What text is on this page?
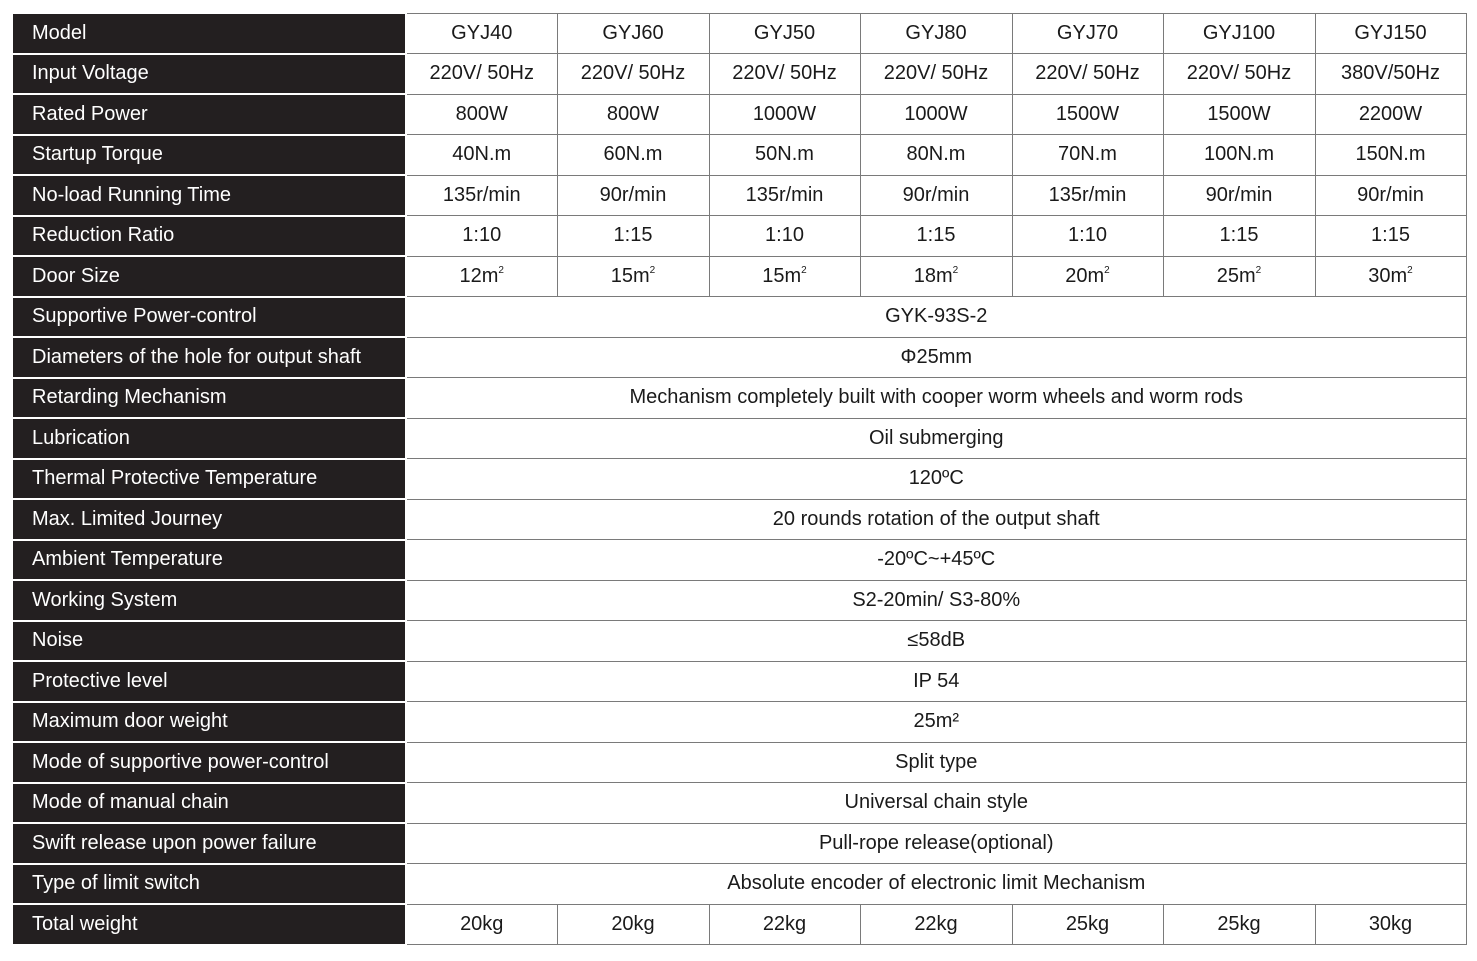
Model	GYJ40	GYJ60	GYJ50	GYJ80	GYJ70	GYJ100	GYJ150
Input Voltage	220V/ 50Hz	220V/ 50Hz	220V/ 50Hz	220V/ 50Hz	220V/ 50Hz	220V/ 50Hz	380V/50Hz
Rated Power	800W	800W	1000W	1000W	1500W	1500W	2200W
Startup Torque	40N.m	60N.m	50N.m	80N.m	70N.m	100N.m	150N.m
No-load Running Time	135r/min	90r/min	135r/min	90r/min	135r/min	90r/min	90r/min
Reduction Ratio	1:10	1:15	1:10	1:15	1:10	1:15	1:15
Door Size	$12m^2$	$15m^2$	$15m^2$	$18m^2$	$20m^2$	$25m^2$	$30m^2$
Supportive Power-control	GYK-93S-2						
Diameters of the hole for output shaft	Φ25mm						
Retarding Mechanism	Mechanism completely built with cooper worm wheels and worm rods						
Lubrication	Oil submerging						
Thermal Protective Temperature	120ºC						
Max. Limited Journey	20 rounds rotation of the output shaft						
Ambient Temperature	-20ºC~+45ºC						
Working System	S2-20min/ S3-80%						
Noise	≤58dB						
Protective level	IP 54						
Maximum door weight	25m²						
Mode of supportive power-control	Split type						
Mode of manual chain	Universal chain style						
Swift release upon power failure	Pull-rope release(optional)						
Type of limit switch	Absolute encoder of electronic limit Mechanism						
Total weight	20kg	20kg	22kg	22kg	25kg	25kg	30kg
